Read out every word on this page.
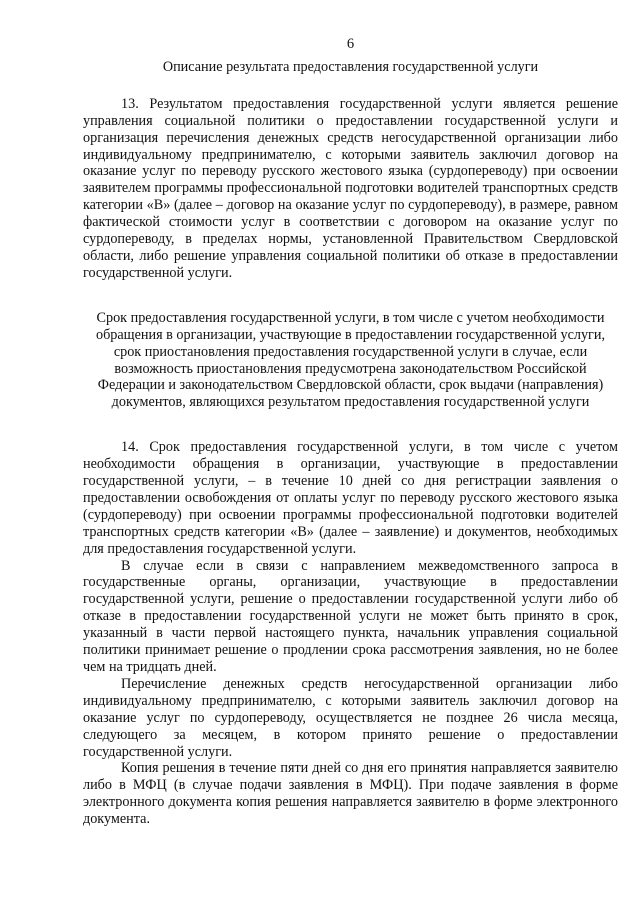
6
Описание результата предоставления государственной услуги

13. Результатом предоставления государственной услуги является решение управления социальной политики о предоставлении государственной услуги и организация перечисления денежных средств негосударственной организации либо индивидуальному предпринимателю, с которыми заявитель заключил договор на оказание услуг по переводу русского жестового языка (сурдопереводу) при освоении заявителем программы профессиональной подготовки водителей транспортных средств категории «В» (далее – договор на оказание услуг по сурдопереводу), в размере, равном фактической стоимости услуг в соответствии с договором на оказание услуг по сурдопереводу, в пределах нормы, установленной Правительством Свердловской области, либо решение управления социальной политики об отказе в предоставлении государственной услуги.

Срок предоставления государственной услуги, в том числе с учетом необходимости обращения в организации, участвующие в предоставлении государственной услуги, срок приостановления предоставления государственной услуги в случае, если возможность приостановления предусмотрена законодательством Российской Федерации и законодательством Свердловской области, срок выдачи (направления) документов, являющихся результатом предоставления государственной услуги

14. Срок предоставления государственной услуги, в том числе с учетом необходимости обращения в организации, участвующие в предоставлении государственной услуги, – в течение 10 дней со дня регистрации заявления о предоставлении освобождения от оплаты услуг по переводу русского жестового языка (сурдопереводу) при освоении программы профессиональной подготовки водителей транспортных средств категории «В» (далее – заявление) и документов, необходимых для предоставления государственной услуги.

В случае если в связи с направлением межведомственного запроса в государственные органы, организации, участвующие в предоставлении государственной услуги, решение о предоставлении государственной услуги либо об отказе в предоставлении государственной услуги не может быть принято в срок, указанный в части первой настоящего пункта, начальник управления социальной политики принимает решение о продлении срока рассмотрения заявления, но не более чем на тридцать дней.

Перечисление денежных средств негосударственной организации либо индивидуальному предпринимателю, с которыми заявитель заключил договор на оказание услуг по сурдопереводу, осуществляется не позднее 26 числа месяца, следующего за месяцем, в котором принято решение о предоставлении государственной услуги.

Копия решения в течение пяти дней со дня его принятия направляется заявителю либо в МФЦ (в случае подачи заявления в МФЦ). При подаче заявления в форме электронного документа копия решения направляется заявителю в форме электронного документа.
